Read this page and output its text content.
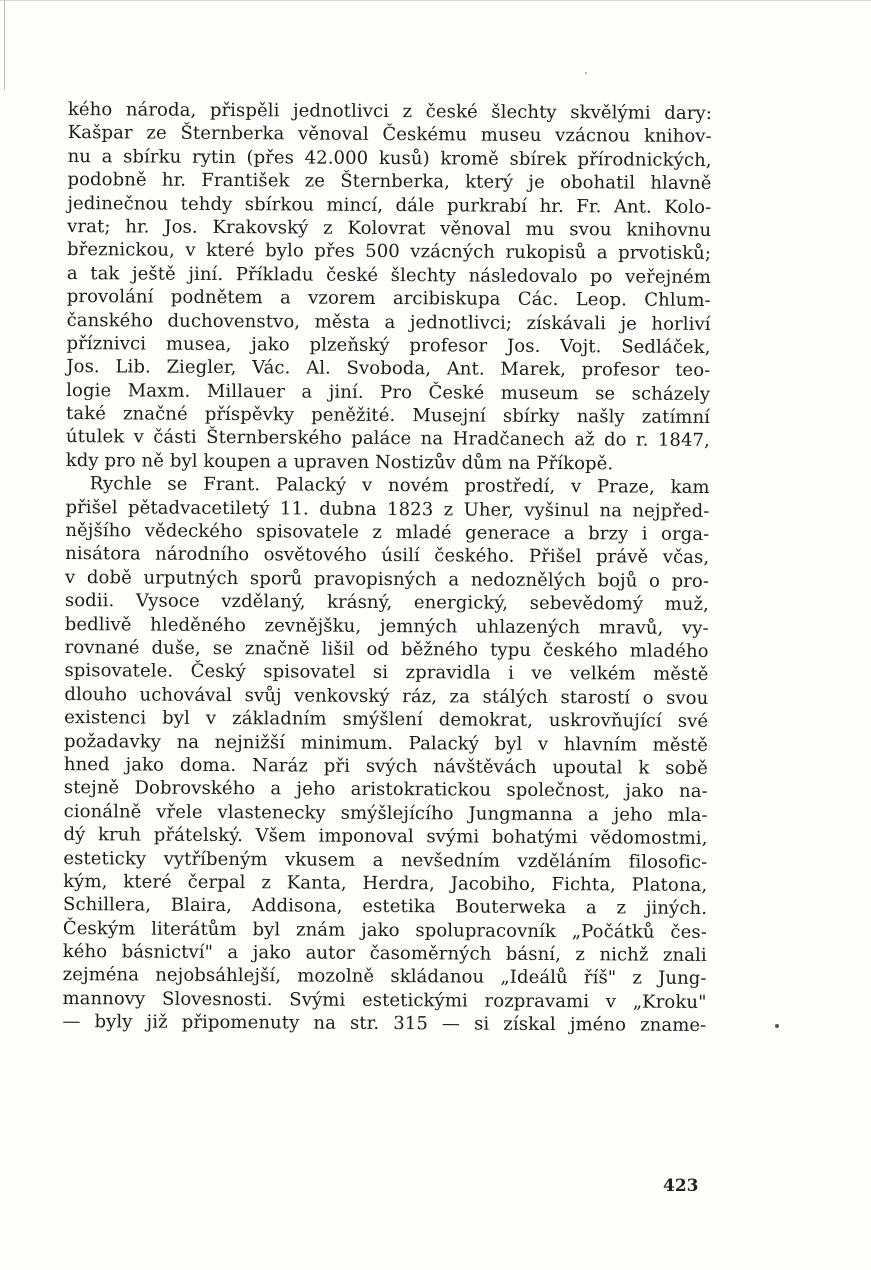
kého národa, přispěli jednotlivci z české šlechty skvělými dary:
Kašpar ze Šternberka věnoval Českému museu vzácnou knihov-
nu a sbírku rytin (přes 42.000 kusů) kromě sbírek přírodnických,
podobně hr. František ze Šternberka, který je obohatil hlavně
jedinečnou tehdy sbírkou mincí, dále purkrabí hr. Fr. Ant. Kolo-
vrat; hr. Jos. Krakovský z Kolovrat věnoval mu svou knihovnu
březnickou, v které bylo přes 500 vzácných rukopisů a prvotisků;
a tak ještě jiní. Příkladu české šlechty následovalo po veřejném
provolání podnětem a vzorem arcibiskupa Các. Leop. Chlum-
čanského duchovenstvo, města a jednotlivci; získávali je horliví
příznivci musea, jako plzeňský profesor Jos. Vojt. Sedláček,
Jos. Lib. Ziegler, Vác. Al. Svoboda, Ant. Marek, profesor teo-
logie Maxm. Millauer a jiní. Pro České museum se scházely
také značné příspěvky peněžité. Musejní sbírky našly zatímní
útulek v části Šternberského paláce na Hradčanech až do r. 1847,
kdy pro ně byl koupen a upraven Nostizův dům na Příkopě.
Rychle se Frant. Palacký v novém prostředí, v Praze, kam
přišel pětadvacetiletý 11. dubna 1823 z Uher, vyšinul na nejpřed-
nějšího vědeckého spisovatele z mladé generace a brzy i orga-
nisátora národního osvětového úsilí českého. Přišel právě včas,
v době urputných sporů pravopisných a nedozněl‍ých bojů o pro-
sodii. Vysoce vzdělaný, krásný, energický, sebevědomý muž,
bedlivě hleděného zevnějšku, jemných uhlazených mravů, vy-
rovnané duše, se značně lišil od běžného typu českého mladého
spisovatele. Český spisovatel si zpravidla i ve velkém městě
dlouho uchovával svůj venkovský ráz, za stálých starostí o svou
existenci byl v základním smýšlení demokrat, uskrovňující své
požadavky na nejnižší minimum. Palacký byl v hlavním městě
hned jako doma. Naráz při svých návštěvách upoutal k sobě
stejně Dobrovského a jeho aristokratickou společnost, jako na-
cionálně vřele vlastenecky smýšlejícího Jungmanna a jeho mla-
dý kruh přátelský. Všem imponoval svými bohatými vědomostmi,
esteticky vytříbeným vkusem a nevšedním vzděláním filosofic-
kým, které čerpal z Kanta, Herdra, Jacobiho, Fichta, Platona,
Schillera, Blaira, Addisona, estetika Bouterweka a z jiných.
Českým literátům byl znám jako spolupracovník „Počátků čes-
kého básnictví" a jako autor časoměrných básní, z nichž znali
zejména nejobsáhlejší, mozolně skládanou „Ideálů říš" z Jung-
mannovy Slovesnosti. Svými estetickými rozpravami v „Kroku"
— byly již připomenuty na str. 315 — si získal jméno zname-
423
